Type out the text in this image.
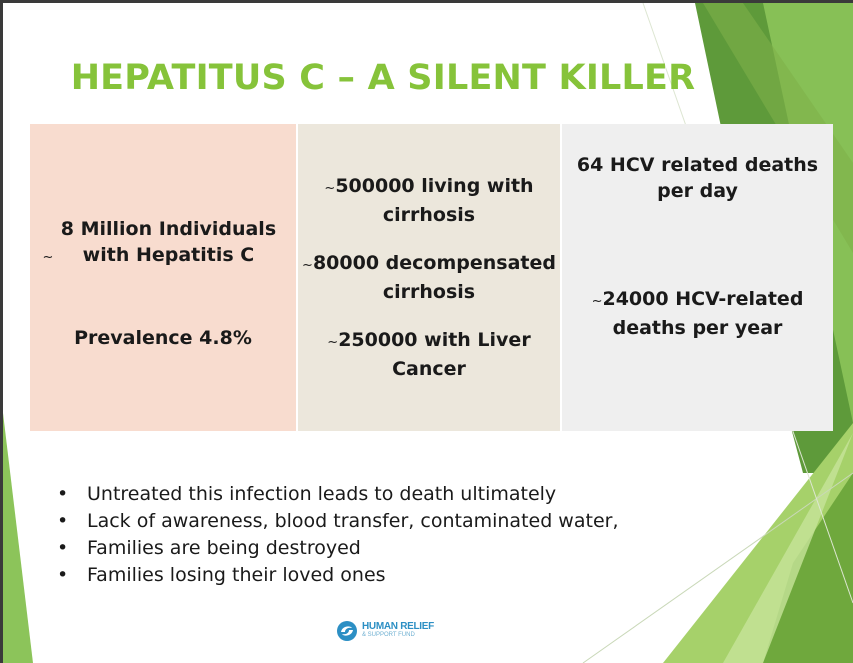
HEPATITUS C – A SILENT KILLER
~8 Million Individuals with Hepatitis C
Prevalence 4.8%
~500000 living with cirrhosis
~80000 decompensated cirrhosis
~250000 with Liver Cancer
64 HCV related deaths per day
~24000 HCV-related deaths per year
• Untreated this infection leads to death ultimately
• Lack of awareness, blood transfer, contaminated water,
• Families are being destroyed
• Families losing their loved ones
HUMAN RELIEF
& SUPPORT FUND
